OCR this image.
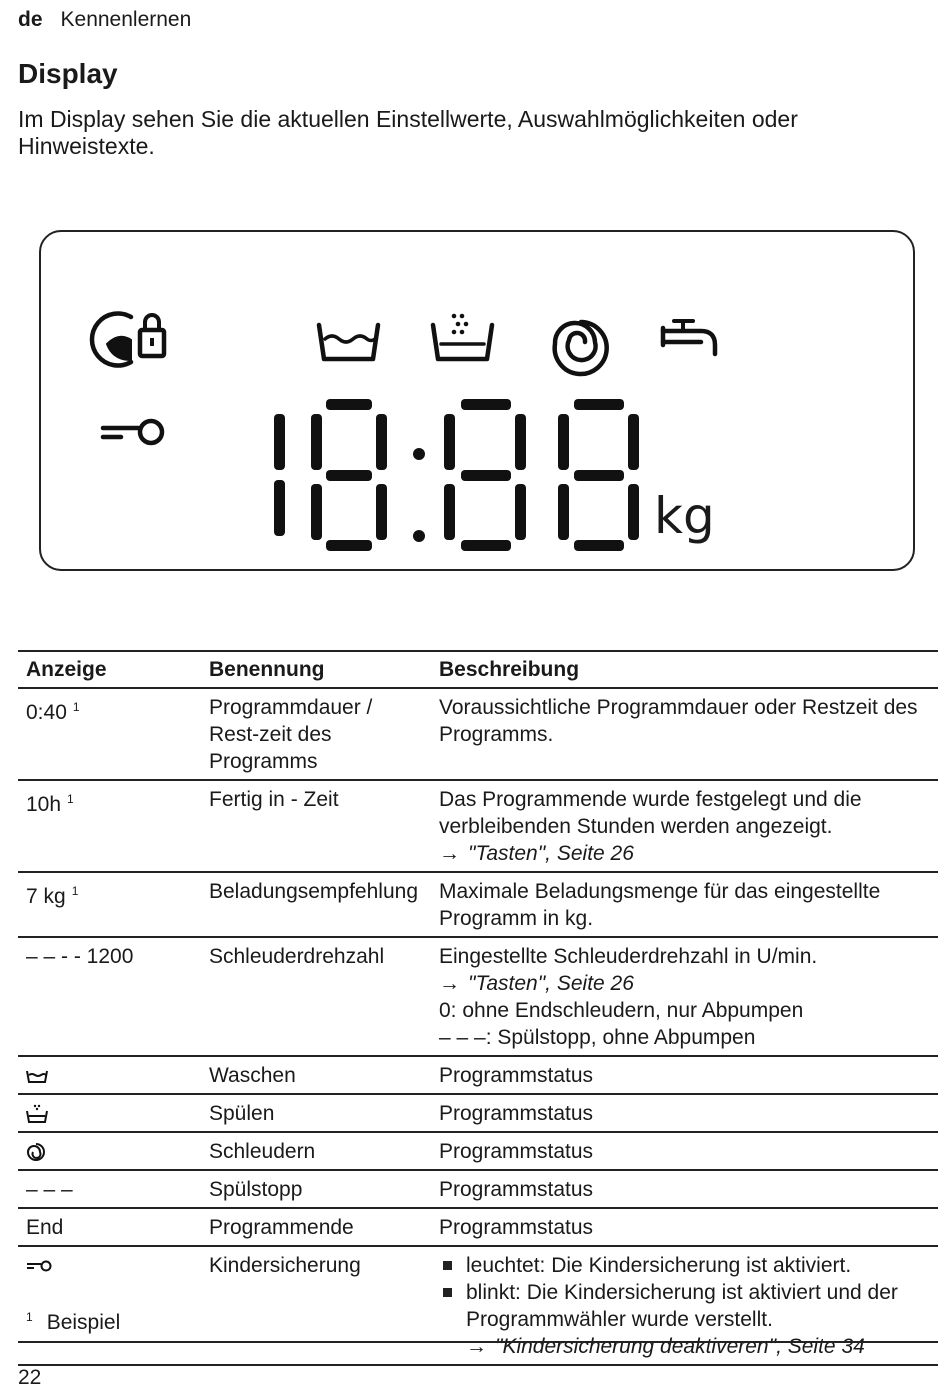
de Kennenlernen
Display

Im Display sehen Sie die aktuellen Einstellwerte, Auswahlmöglichkeiten oder Hinweistexte.

kg
Anzeige	Benennung	Beschreibung
0:40 $^1$	Programmdauer / Rest-zeit des Programms	Voraussichtliche Programmdauer oder Restzeit des Programms.
10h $^1$	Fertig in - Zeit	Das Programmende wurde festgelegt und die verbleibenden Stunden werden angezeigt.
→ "Tasten", Seite 26

7 kg $^1$	Beladungsempfehlung	Maximale Beladungsmenge für das eingestellte Programm in kg.
– – - - 1200	Schleuderdrehzahl	Eingestellte Schleuderdrehzahl in U/min.
→ "Tasten", Seite 26
0: ohne Endschleudern, nur Abpumpen
– – –: Spülstopp, ohne Abpumpen

	Waschen	Programmstatus
	Spülen	Programmstatus
	Schleudern	Programmstatus
– – –	Spülstopp	Programmstatus
End	Programmende	Programmstatus
	Kindersicherung	leuchtet: Die Kindersicherung ist aktiviert.
blinkt: Die Kindersicherung ist aktiviert und der Programmwähler wurde verstellt.
→ "Kindersicherung deaktiveren", Seite 34
$^1$ Beispiel
22
